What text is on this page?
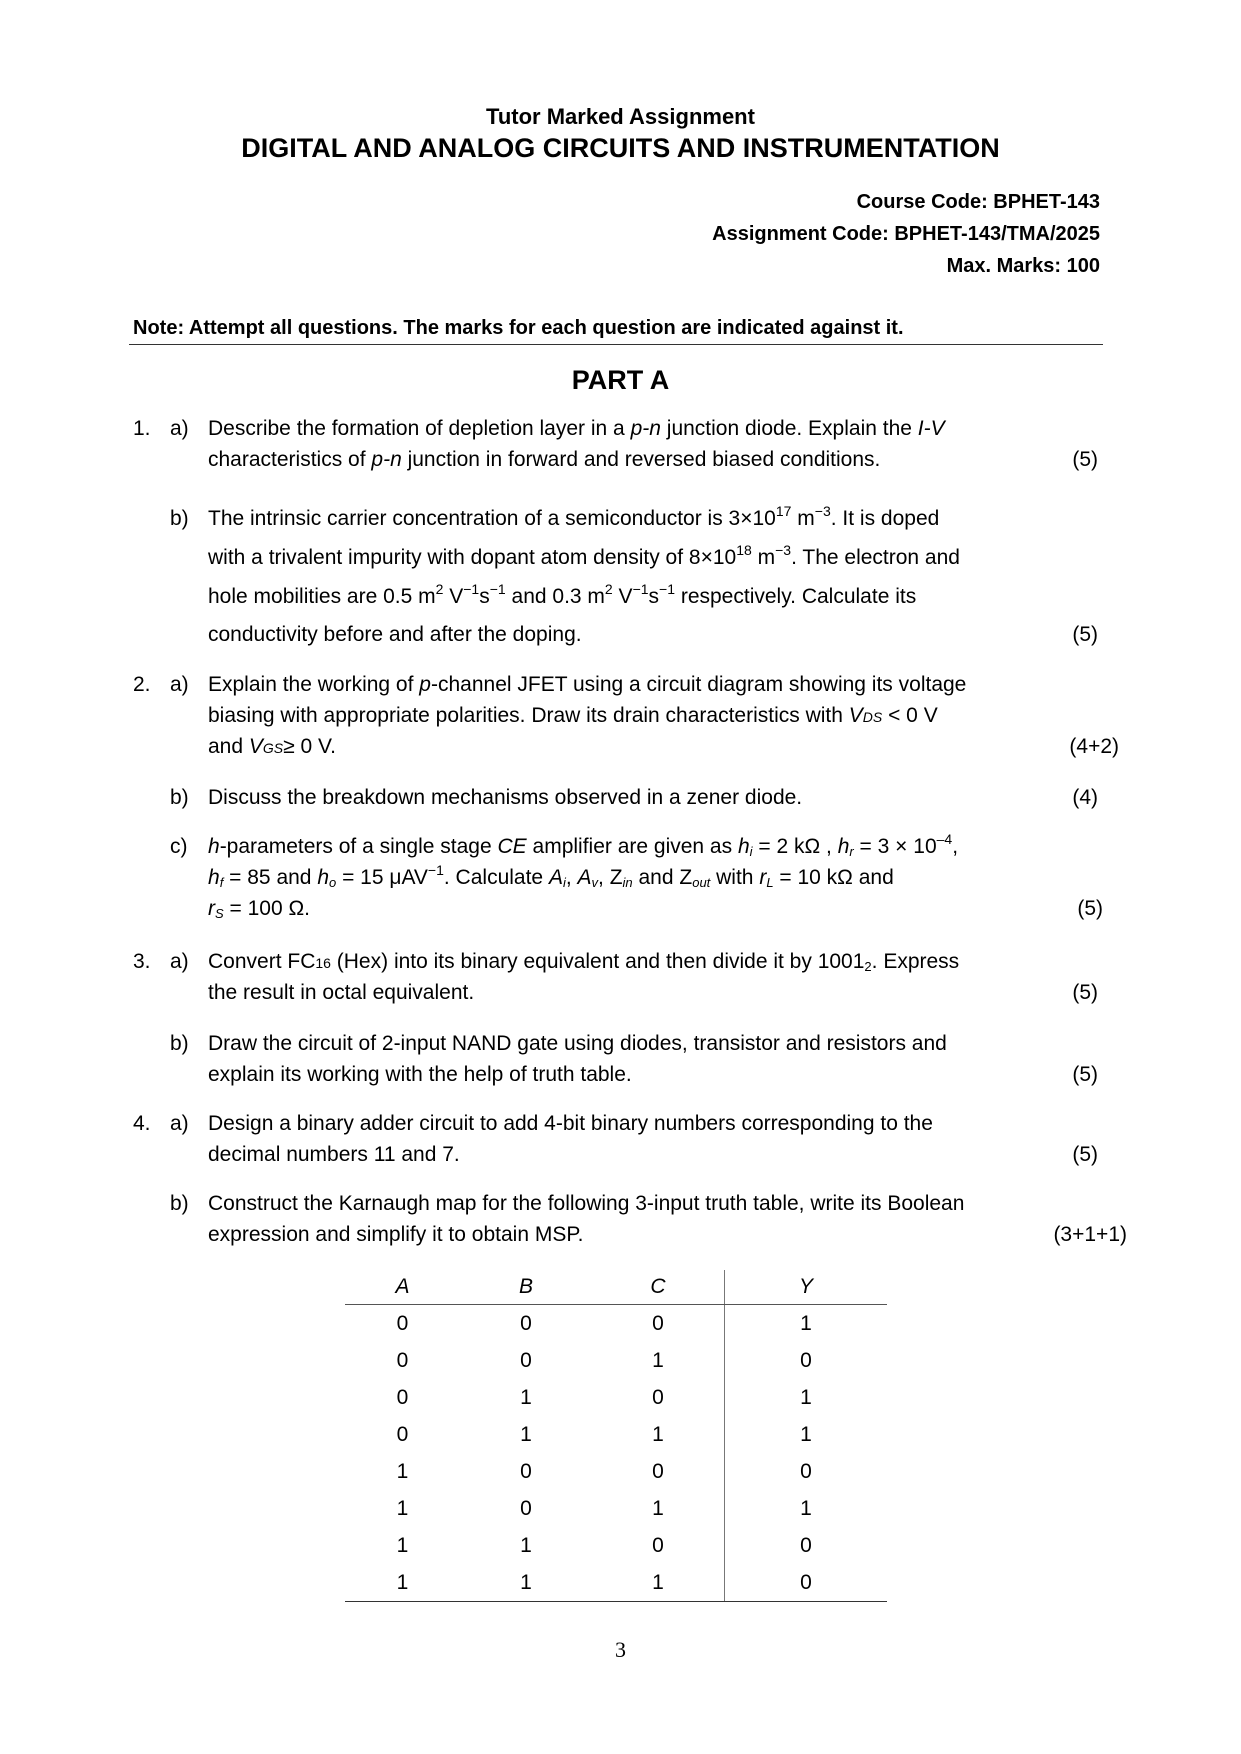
Tutor Marked Assignment
DIGITAL AND ANALOG CIRCUITS AND INSTRUMENTATION
Course Code: BPHET-143
Assignment Code: BPHET-143/TMA/2025
Max. Marks: 100
Note: Attempt all questions. The marks for each question are indicated against it.
PART A
1. a) Describe the formation of depletion layer in a p-n junction diode. Explain the I-V
characteristics of p-n junction in forward and reversed biased conditions.	(5)
b) The intrinsic carrier concentration of a semiconductor is $3\times 10^{17}$ $m^{-3}$. It is doped
with a trivalent impurity with dopant atom density of $8\times 10^{18}$ $m^{-3}$. The electron and
hole mobilities are 0.5 $m^2$ $V^{-1}s^{-1}$ and 0.3 $m^2$ $V^{-1}s^{-1}$ respectively. Calculate its
conductivity before and after the doping.	(5)
2. a) Explain the working of p-channel JFET using a circuit diagram showing its voltage
biasing with appropriate polarities. Draw its drain characteristics with VDS < 0 V
and VGS≥ 0 V.	(4+2)
b) Discuss the breakdown mechanisms observed in a zener diode.	(4)
c) h-parameters of a single stage CE amplifier are given as $h_i = 2$ kΩ , $h_r = 3 \times 10^{-4}$,
$h_f = 85$ and $h_o = 15$ μAV$^{-1}$. Calculate $A_i$, $A_v$, $Z_{in}$ and $Z_{out}$ with $r_L = 10$ kΩ and
$r_S = 100$ Ω.	(5)
3. a) Convert FC16 (Hex) into its binary equivalent and then divide it by $1001_2$. Express
the result in octal equivalent.	(5)
b) Draw the circuit of 2-input NAND gate using diodes, transistor and resistors and
explain its working with the help of truth table.	(5)
4. a) Design a binary adder circuit to add 4-bit binary numbers corresponding to the
decimal numbers 11 and 7.	(5)
b) Construct the Karnaugh map for the following 3-input truth table, write its Boolean
expression and simplify it to obtain MSP.	(3+1+1)
A	B	C	Y
0	0	0	1
0	0	1	0
0	1	0	1
0	1	1	1
1	0	0	0
1	0	1	1
1	1	0	0
1	1	1	0
3
